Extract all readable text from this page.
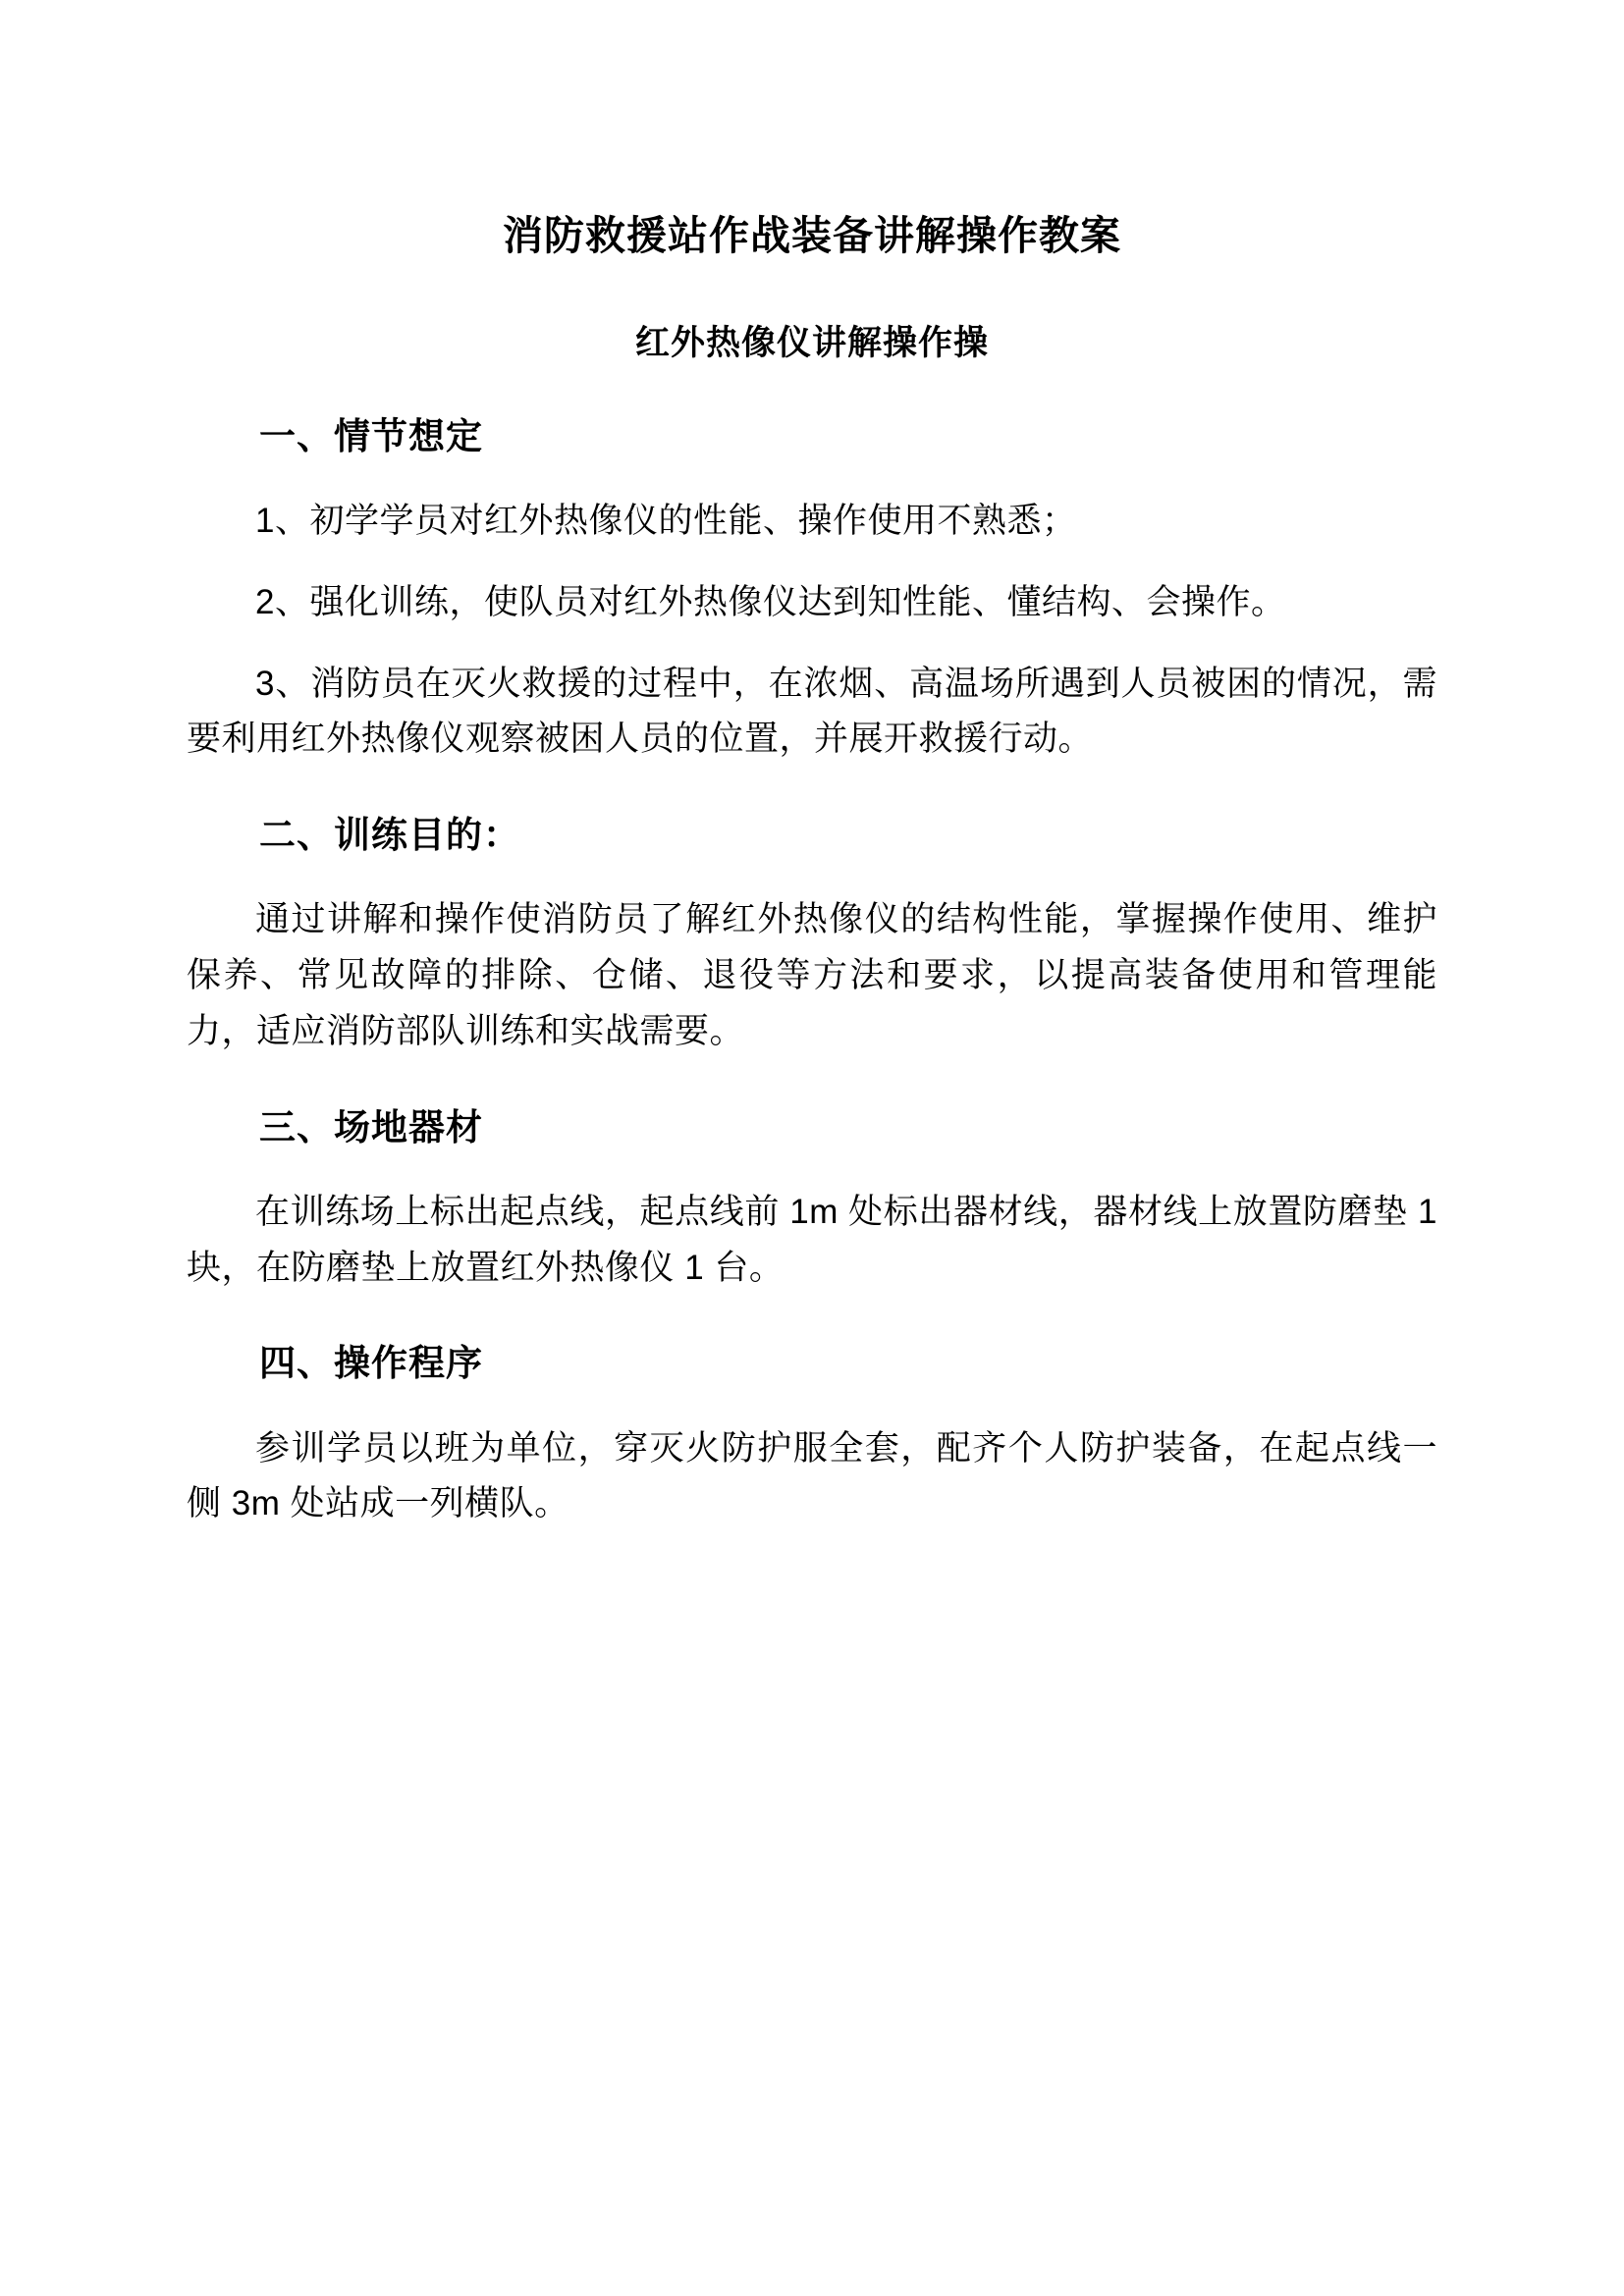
消防救援站作战装备讲解操作教案
红外热像仪讲解操作操
一、情节想定

1、初学学员对红外热像仪的性能、操作使用不熟悉；

2、强化训练，使队员对红外热像仪达到知性能、懂结构、会操作。

3、消防员在灭火救援的过程中，在浓烟、高温场所遇到人员被困的情况，需要利用红外热像仪观察被困人员的位置，并展开救援行动。

二、训练目的：

通过讲解和操作使消防员了解红外热像仪的结构性能，掌握操作使用、维护保养、常见故障的排除、仓储、退役等方法和要求，以提高装备使用和管理能力，适应消防部队训练和实战需要。

三、场地器材

在训练场上标出起点线，起点线前 1m 处标出器材线，器材线上放置防磨垫 1 块，在防磨垫上放置红外热像仪 1 台。

四、操作程序

参训学员以班为单位，穿灭火防护服全套，配齐个人防护装备，在起点线一侧 3m 处站成一列横队。
